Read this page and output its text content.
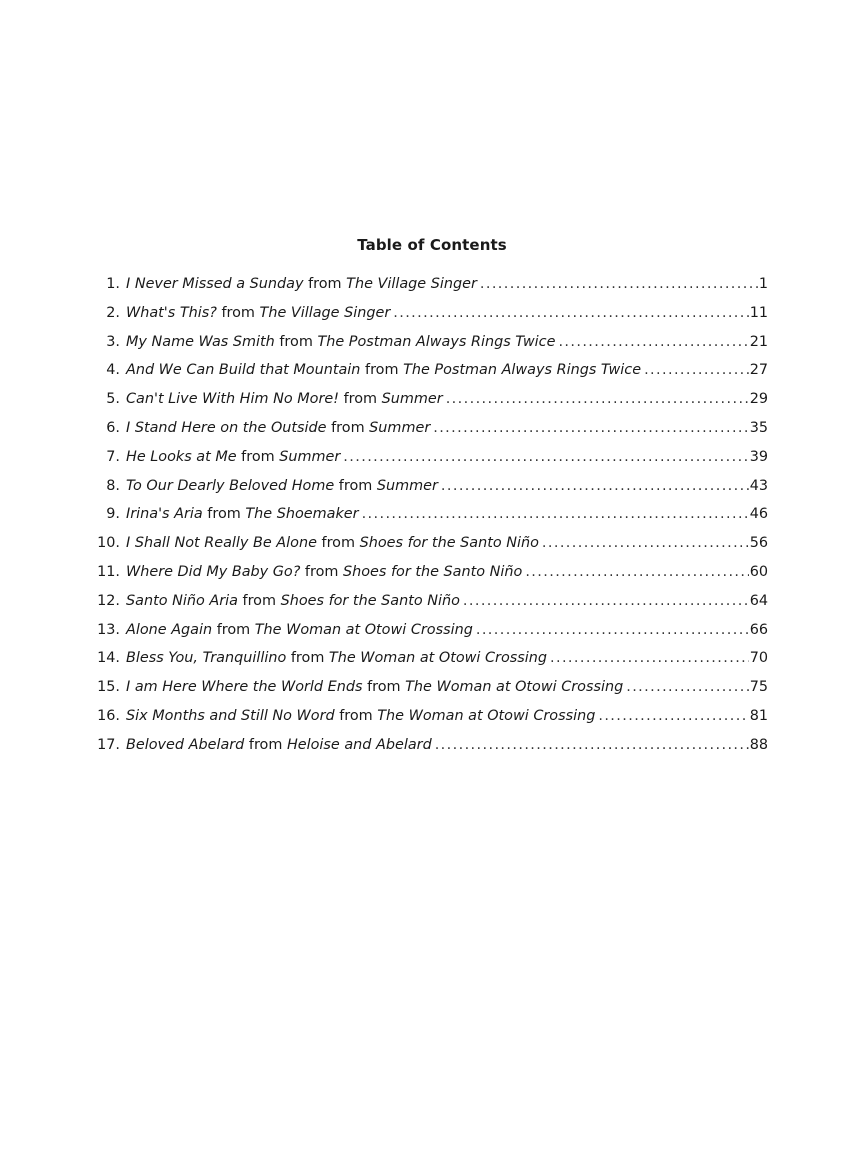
Table of Contents
1. I Never Missed a Sunday from The Village Singer .....	1
2. What's This? from The Village Singer .....	11
3. My Name Was Smith from The Postman Always Rings Twice .....	21
4. And We Can Build that Mountain from The Postman Always Rings Twice .....	27
5. Can't Live With Him No More! from Summer .....	29
6. I Stand Here on the Outside from Summer .....	35
7. He Looks at Me from Summer .....	39
8. To Our Dearly Beloved Home from Summer .....	43
9. Irina's Aria from The Shoemaker .....	46
10. I Shall Not Really Be Alone from Shoes for the Santo Niño .....	56
11. Where Did My Baby Go? from Shoes for the Santo Niño .....	60
12. Santo Niño Aria from Shoes for the Santo Niño .....	64
13. Alone Again from The Woman at Otowi Crossing .....	66
14. Bless You, Tranquillino from The Woman at Otowi Crossing .....	70
15. I am Here Where the World Ends from The Woman at Otowi Crossing .....	75
16. Six Months and Still No Word from The Woman at Otowi Crossing .....	81
17. Beloved Abelard from Heloise and Abelard .....	88
